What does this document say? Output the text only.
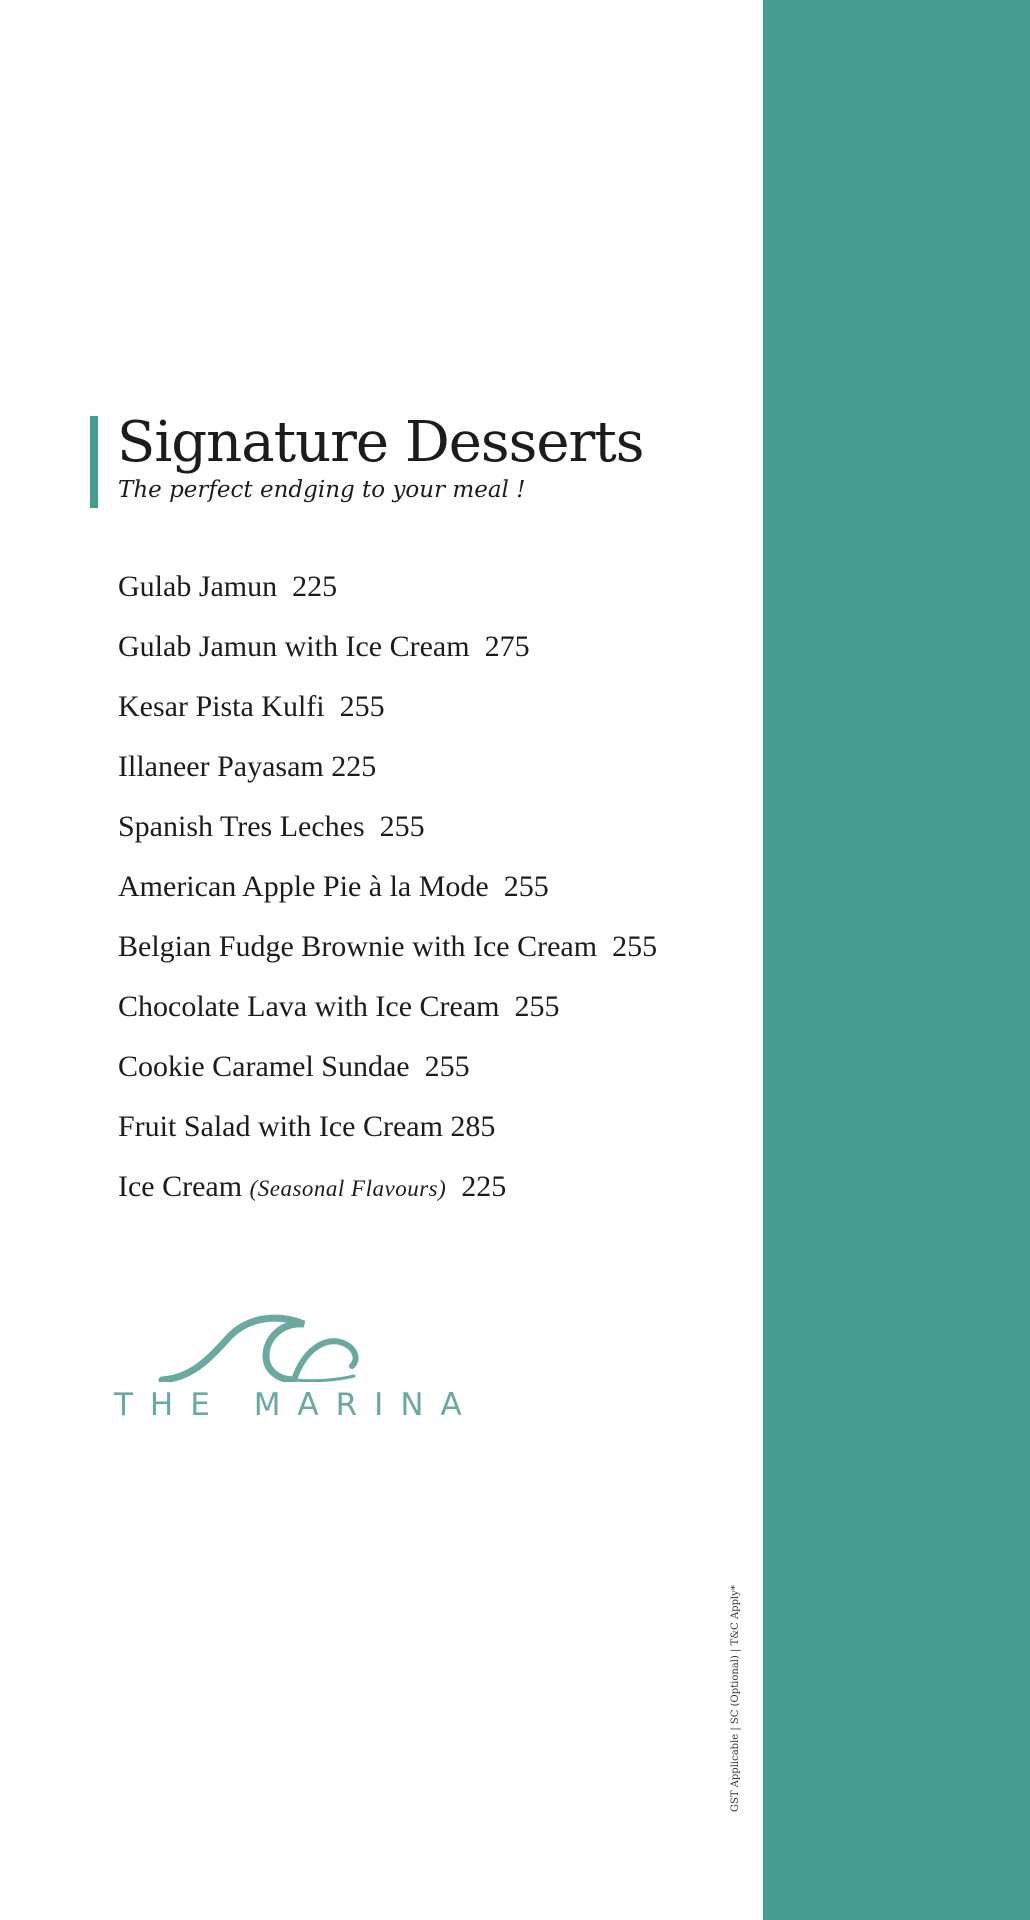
Signature Desserts

The perfect endging to your meal !

Gulab Jamun 225
Gulab Jamun with Ice Cream 275
Kesar Pista Kulfi 255
Illaneer Payasam 225
Spanish Tres Leches 255
American Apple Pie à la Mode 255
Belgian Fudge Brownie with Ice Cream 255
Chocolate Lava with Ice Cream 255
Cookie Caramel Sundae 255
Fruit Salad with Ice Cream 285
Ice Cream (Seasonal Flavours) 225
THE MARINA
GST Applicable | SC (Optional) | T&C Apply*
